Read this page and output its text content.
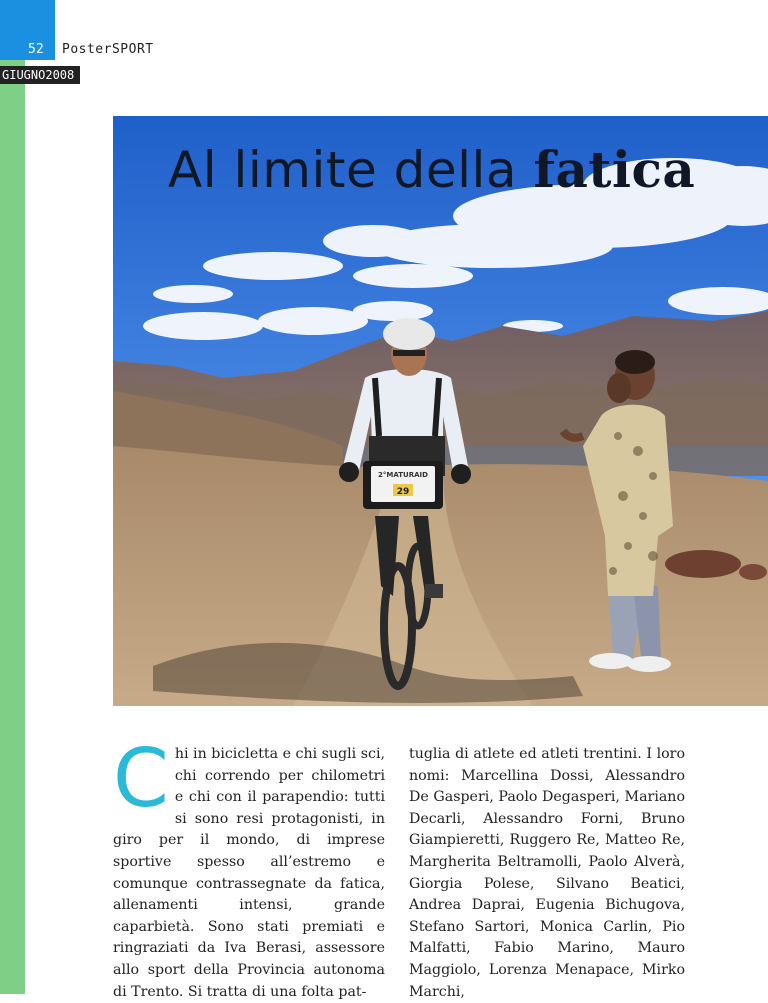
52 PosterSPORT
GIUGNO2008
2°MATURAID
29
Al limite della fatica
Chi in bicicletta e chi sugli sci, chi correndo per chilometri e chi con il parapendio: tutti si sono resi protagonisti, in giro per il mondo, di imprese sportive spesso all’estremo e comunque contrassegnate da fatica, allenamenti intensi, grande caparbietà. Sono stati premiati e ringraziati da Iva Berasi, assessore allo sport della Provincia autonoma di Trento. Si tratta di una folta pat-
tuglia di atlete ed atleti trentini. I loro nomi: Marcellina Dossi, Alessandro De Gasperi, Paolo Degasperi, Mariano Decarli, Alessandro Forni, Bruno Giampieretti, Ruggero Re, Matteo Re, Margherita Beltramolli, Paolo Alverà, Giorgia Polese, Silvano Beatici, Andrea Daprai, Eugenia Bichugova, Stefano Sartori, Monica Carlin, Pio Malfatti, Fabio Marino, Mauro Maggiolo, Lorenza Menapace, Mirko Marchi,
